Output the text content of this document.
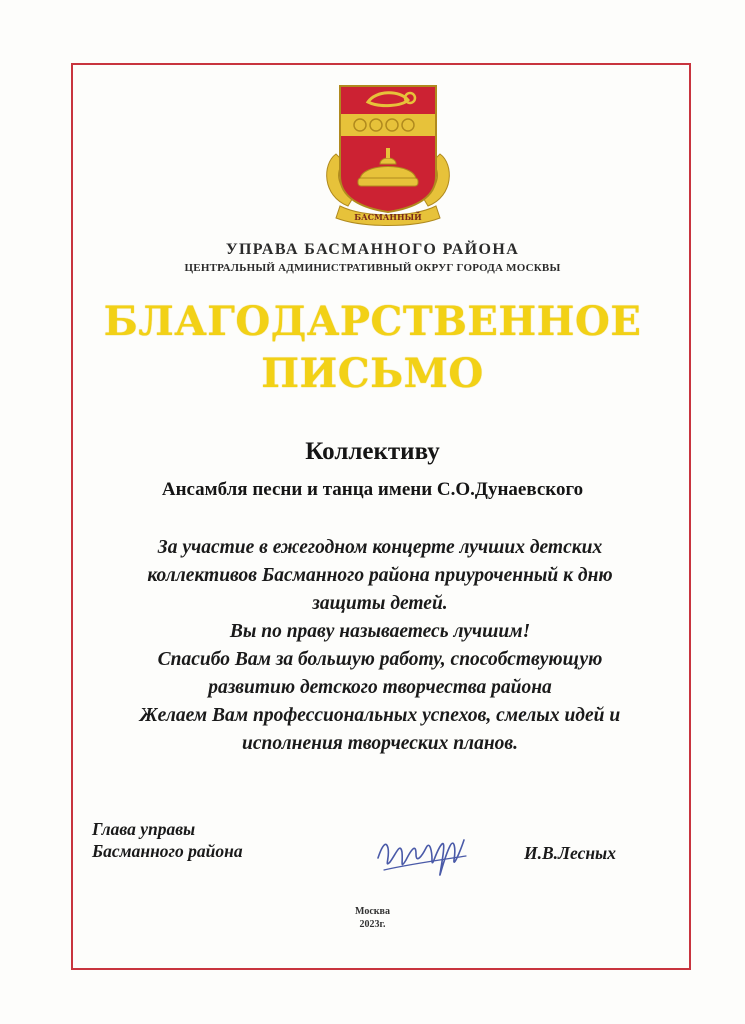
БАСМАННЫЙ
УПРАВА БАСМАННОГО РАЙОНА
ЦЕНТРАЛЬНЫЙ АДМИНИСТРАТИВНЫЙ ОКРУГ ГОРОДА МОСКВЫ
БЛАГОДАРСТВЕННОЕ
ПИСЬМО
Коллективу
Ансамбля песни и танца имени С.О.Дунаевского
За участие в ежегодном концерте лучших детских
коллективов Басманного района приуроченный к дню
защиты детей.
Вы по праву называетесь лучшим!
Спасибо Вам за большую работу, способствующую
развитию детского творчества района
Желаем Вам профессиональных успехов, смелых идей и
исполнения творческих планов.
Глава управы
Басманного района	И.В.Лесных
Москва
2023г.
